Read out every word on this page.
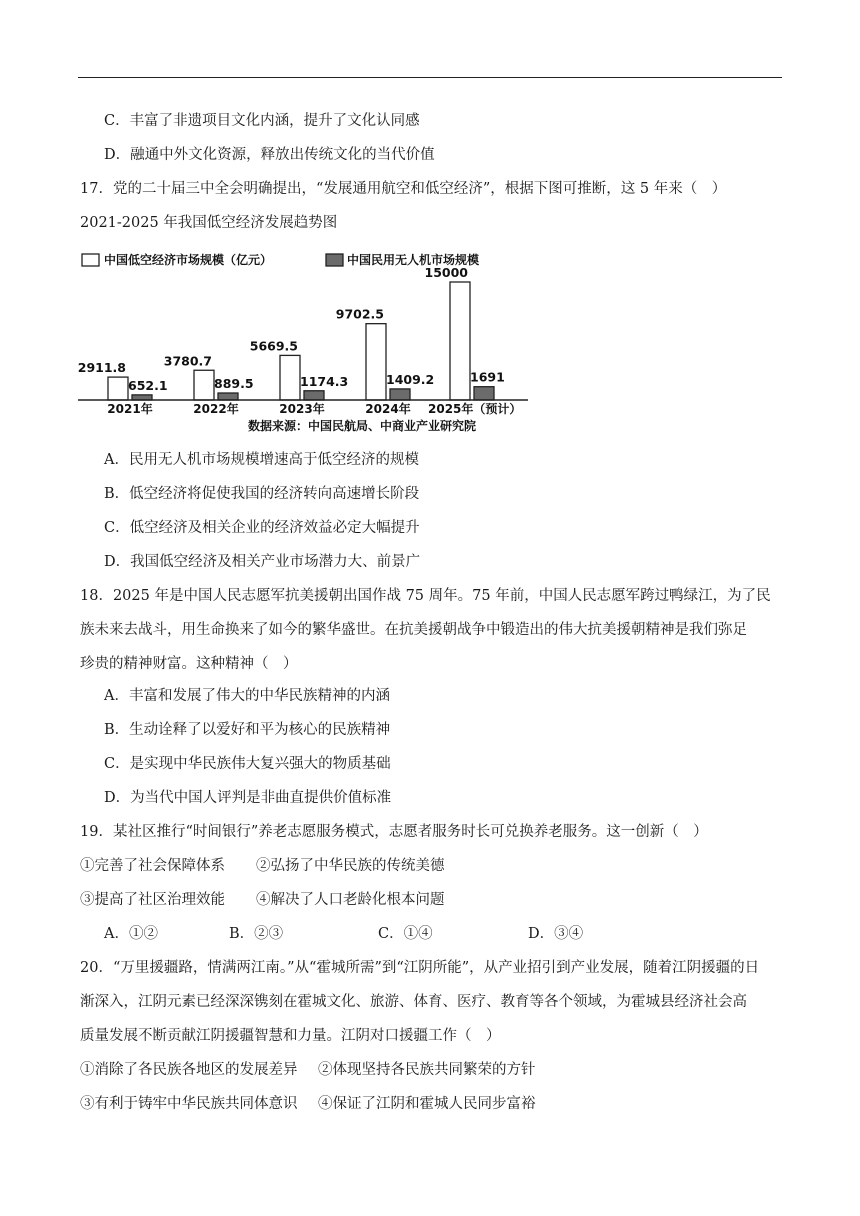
C．丰富了非遗项目文化内涵，提升了文化认同感
D．融通中外文化资源，释放出传统文化的当代价值
17．党的二十届三中全会明确提出，“发展通用航空和低空经济”，根据下图可推断，这 5 年来（　）
2021-2025 年我国低空经济发展趋势图
中国低空经济市场规模（亿元）	中国民用无人机市场规模
2911.8
652.1
3780.7
889.5
5669.5
1174.3
9702.5
1409.2
15000
1691
2021年	2022年	2023年	2024年 2025年（预计）
数据来源：中国民航局、中商业产业研究院
A．民用无人机市场规模增速高于低空经济的规模
B．低空经济将促使我国的经济转向高速增长阶段
C．低空经济及相关企业的经济效益必定大幅提升
D．我国低空经济及相关产业市场潜力大、前景广
18．2025 年是中国人民志愿军抗美援朝出国作战 75 周年。75 年前，中国人民志愿军跨过鸭绿江，为了民
族未来去战斗，用生命换来了如今的繁华盛世。在抗美援朝战争中锻造出的伟大抗美援朝精神是我们弥足
珍贵的精神财富。这种精神（　）
A．丰富和发展了伟大的中华民族精神的内涵
B．生动诠释了以爱好和平为核心的民族精神
C．是实现中华民族伟大复兴强大的物质基础
D．为当代中国人评判是非曲直提供价值标准
19．某社区推行“时间银行”养老志愿服务模式，志愿者服务时长可兑换养老服务。这一创新（　）
①完善了社会保障体系 ②弘扬了中华民族的传统美德
③提高了社区治理效能 ④解决了人口老龄化根本问题
A．①②	B．②③	C．①④	D．③④
20．“万里援疆路，情满两江南。”从“霍城所需”到“江阴所能”，从产业招引到产业发展，随着江阴援疆的日
渐深入，江阴元素已经深深镌刻在霍城文化、旅游、体育、医疗、教育等各个领域，为霍城县经济社会高
质量发展不断贡献江阴援疆智慧和力量。江阴对口援疆工作（　）
①消除了各民族各地区的发展差异 ②体现坚持各民族共同繁荣的方针
③有利于铸牢中华民族共同体意识 ④保证了江阴和霍城人民同步富裕
